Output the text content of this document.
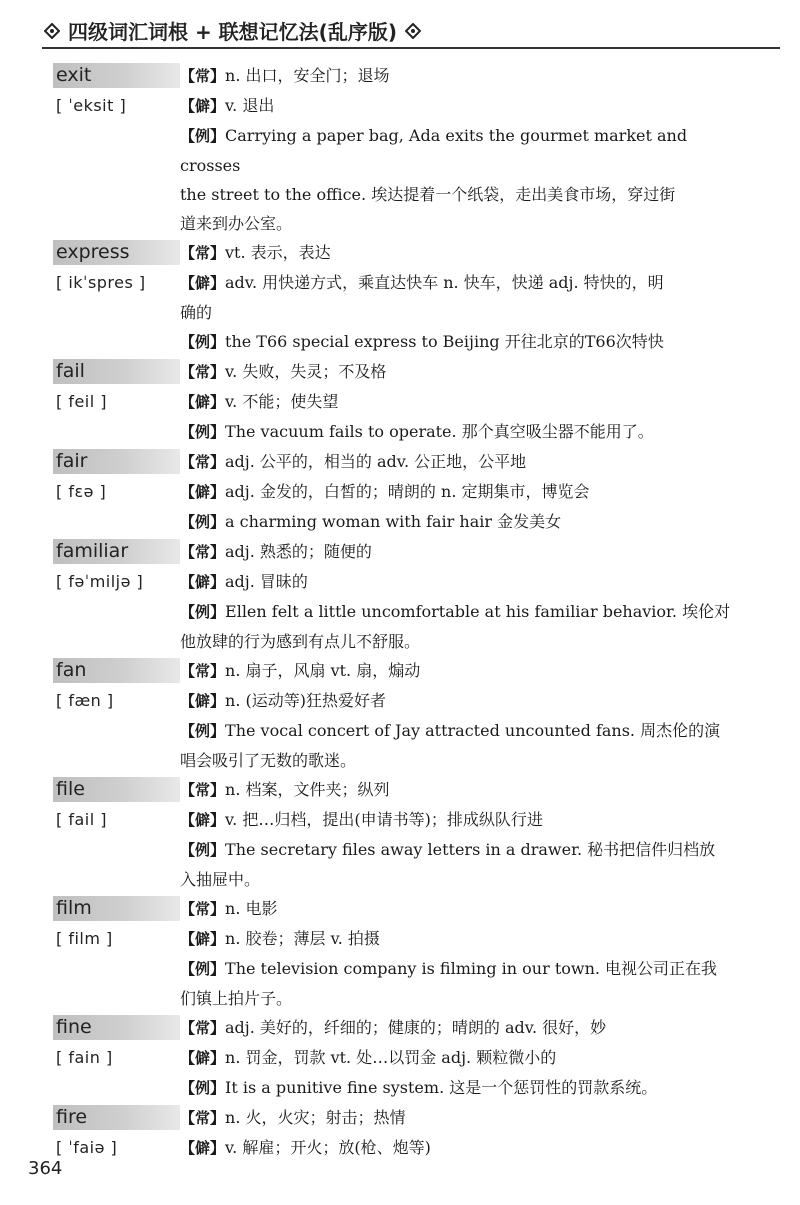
四级词汇词根 + 联想记忆法(乱序版)
exit	【常】n. 出口，安全门；退场
[ ˈeksit ]	【僻】v. 退出
【例】Carrying a paper bag, Ada exits the gourmet market and crosses
the street to the office. 埃达提着一个纸袋，走出美食市场，穿过街
道来到办公室。
express	【常】vt. 表示，表达
[ ikˈspres ]	【僻】adv. 用快递方式，乘直达快车 n. 快车，快递 adj. 特快的，明
确的
【例】the T66 special express to Beijing 开往北京的T66次特快
fail	【常】v. 失败，失灵；不及格
[ feil ]	【僻】v. 不能；使失望
【例】The vacuum fails to operate. 那个真空吸尘器不能用了。
fair	【常】adj. 公平的，相当的 adv. 公正地，公平地
[ fɛə ]	【僻】adj. 金发的，白皙的；晴朗的 n. 定期集市，博览会
【例】a charming woman with fair hair 金发美女
familiar	【常】adj. 熟悉的；随便的
[ fəˈmiljə ]	【僻】adj. 冒昧的
【例】Ellen felt a little uncomfortable at his familiar behavior. 埃伦对
他放肆的行为感到有点儿不舒服。
fan	【常】n. 扇子，风扇 vt. 扇，煽动
[ fæn ]	【僻】n. (运动等)狂热爱好者
【例】The vocal concert of Jay attracted uncounted fans. 周杰伦的演
唱会吸引了无数的歌迷。
file	【常】n. 档案，文件夹；纵列
[ fail ]	【僻】v. 把…归档，提出(申请书等)；排成纵队行进
【例】The secretary files away letters in a drawer. 秘书把信件归档放
入抽屉中。
film	【常】n. 电影
[ film ]	【僻】n. 胶卷；薄层 v. 拍摄
【例】The television company is filming in our town. 电视公司正在我
们镇上拍片子。
fine	【常】adj. 美好的，纤细的；健康的；晴朗的 adv. 很好，妙
[ fain ]	【僻】n. 罚金，罚款 vt. 处…以罚金 adj. 颗粒微小的
【例】It is a punitive fine system. 这是一个惩罚性的罚款系统。
fire	【常】n. 火，火灾；射击；热情
[ ˈfaiə ]	【僻】v. 解雇；开火；放(枪、炮等)
364
